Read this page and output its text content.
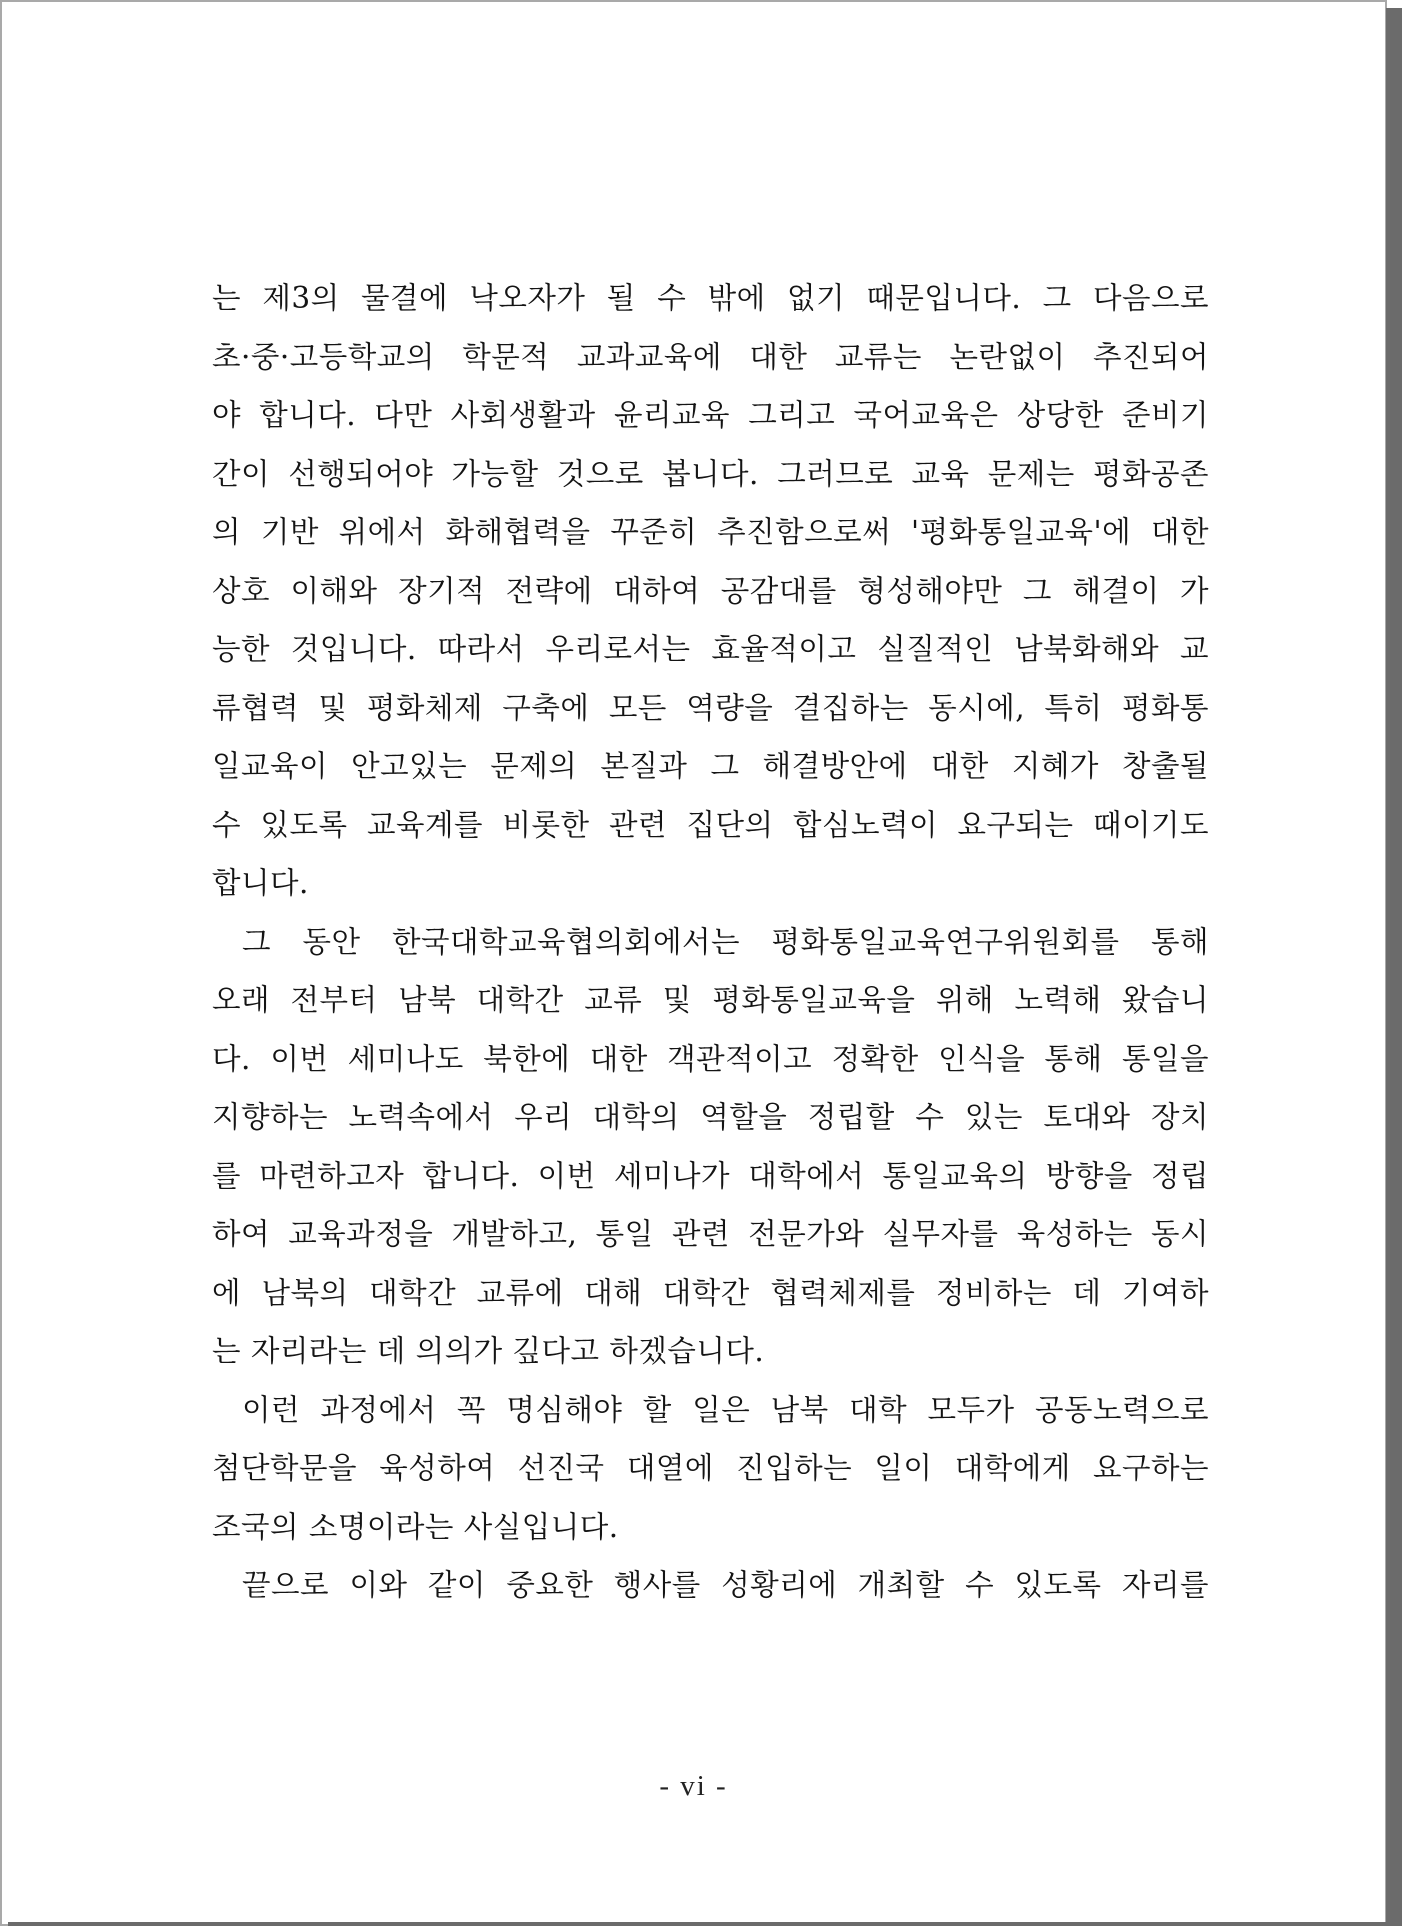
는 제3의 물결에 낙오자가 될 수 밖에 없기 때문입니다. 그 다음으로
초·중·고등학교의 학문적 교과교육에 대한 교류는 논란없이 추진되어
야 합니다. 다만 사회생활과 윤리교육 그리고 국어교육은 상당한 준비기
간이 선행되어야 가능할 것으로 봅니다. 그러므로 교육 문제는 평화공존
의 기반 위에서 화해협력을 꾸준히 추진함으로써 '평화통일교육'에 대한
상호 이해와 장기적 전략에 대하여 공감대를 형성해야만 그 해결이 가
능한 것입니다. 따라서 우리로서는 효율적이고 실질적인 남북화해와 교
류협력 및 평화체제 구축에 모든 역량을 결집하는 동시에, 특히 평화통
일교육이 안고있는 문제의 본질과 그 해결방안에 대한 지혜가 창출될
수 있도록 교육계를 비롯한 관련 집단의 합심노력이 요구되는 때이기도
합니다.
그 동안 한국대학교육협의회에서는 평화통일교육연구위원회를 통해
오래 전부터 남북 대학간 교류 및 평화통일교육을 위해 노력해 왔습니
다. 이번 세미나도 북한에 대한 객관적이고 정확한 인식을 통해 통일을
지향하는 노력속에서 우리 대학의 역할을 정립할 수 있는 토대와 장치
를 마련하고자 합니다. 이번 세미나가 대학에서 통일교육의 방향을 정립
하여 교육과정을 개발하고, 통일 관련 전문가와 실무자를 육성하는 동시
에 남북의 대학간 교류에 대해 대학간 협력체제를 정비하는 데 기여하
는 자리라는 데 의의가 깊다고 하겠습니다.
이런 과정에서 꼭 명심해야 할 일은 남북 대학 모두가 공동노력으로
첨단학문을 육성하여 선진국 대열에 진입하는 일이 대학에게 요구하는
조국의 소명이라는 사실입니다.
끝으로 이와 같이 중요한 행사를 성황리에 개최할 수 있도록 자리를
- vi -
